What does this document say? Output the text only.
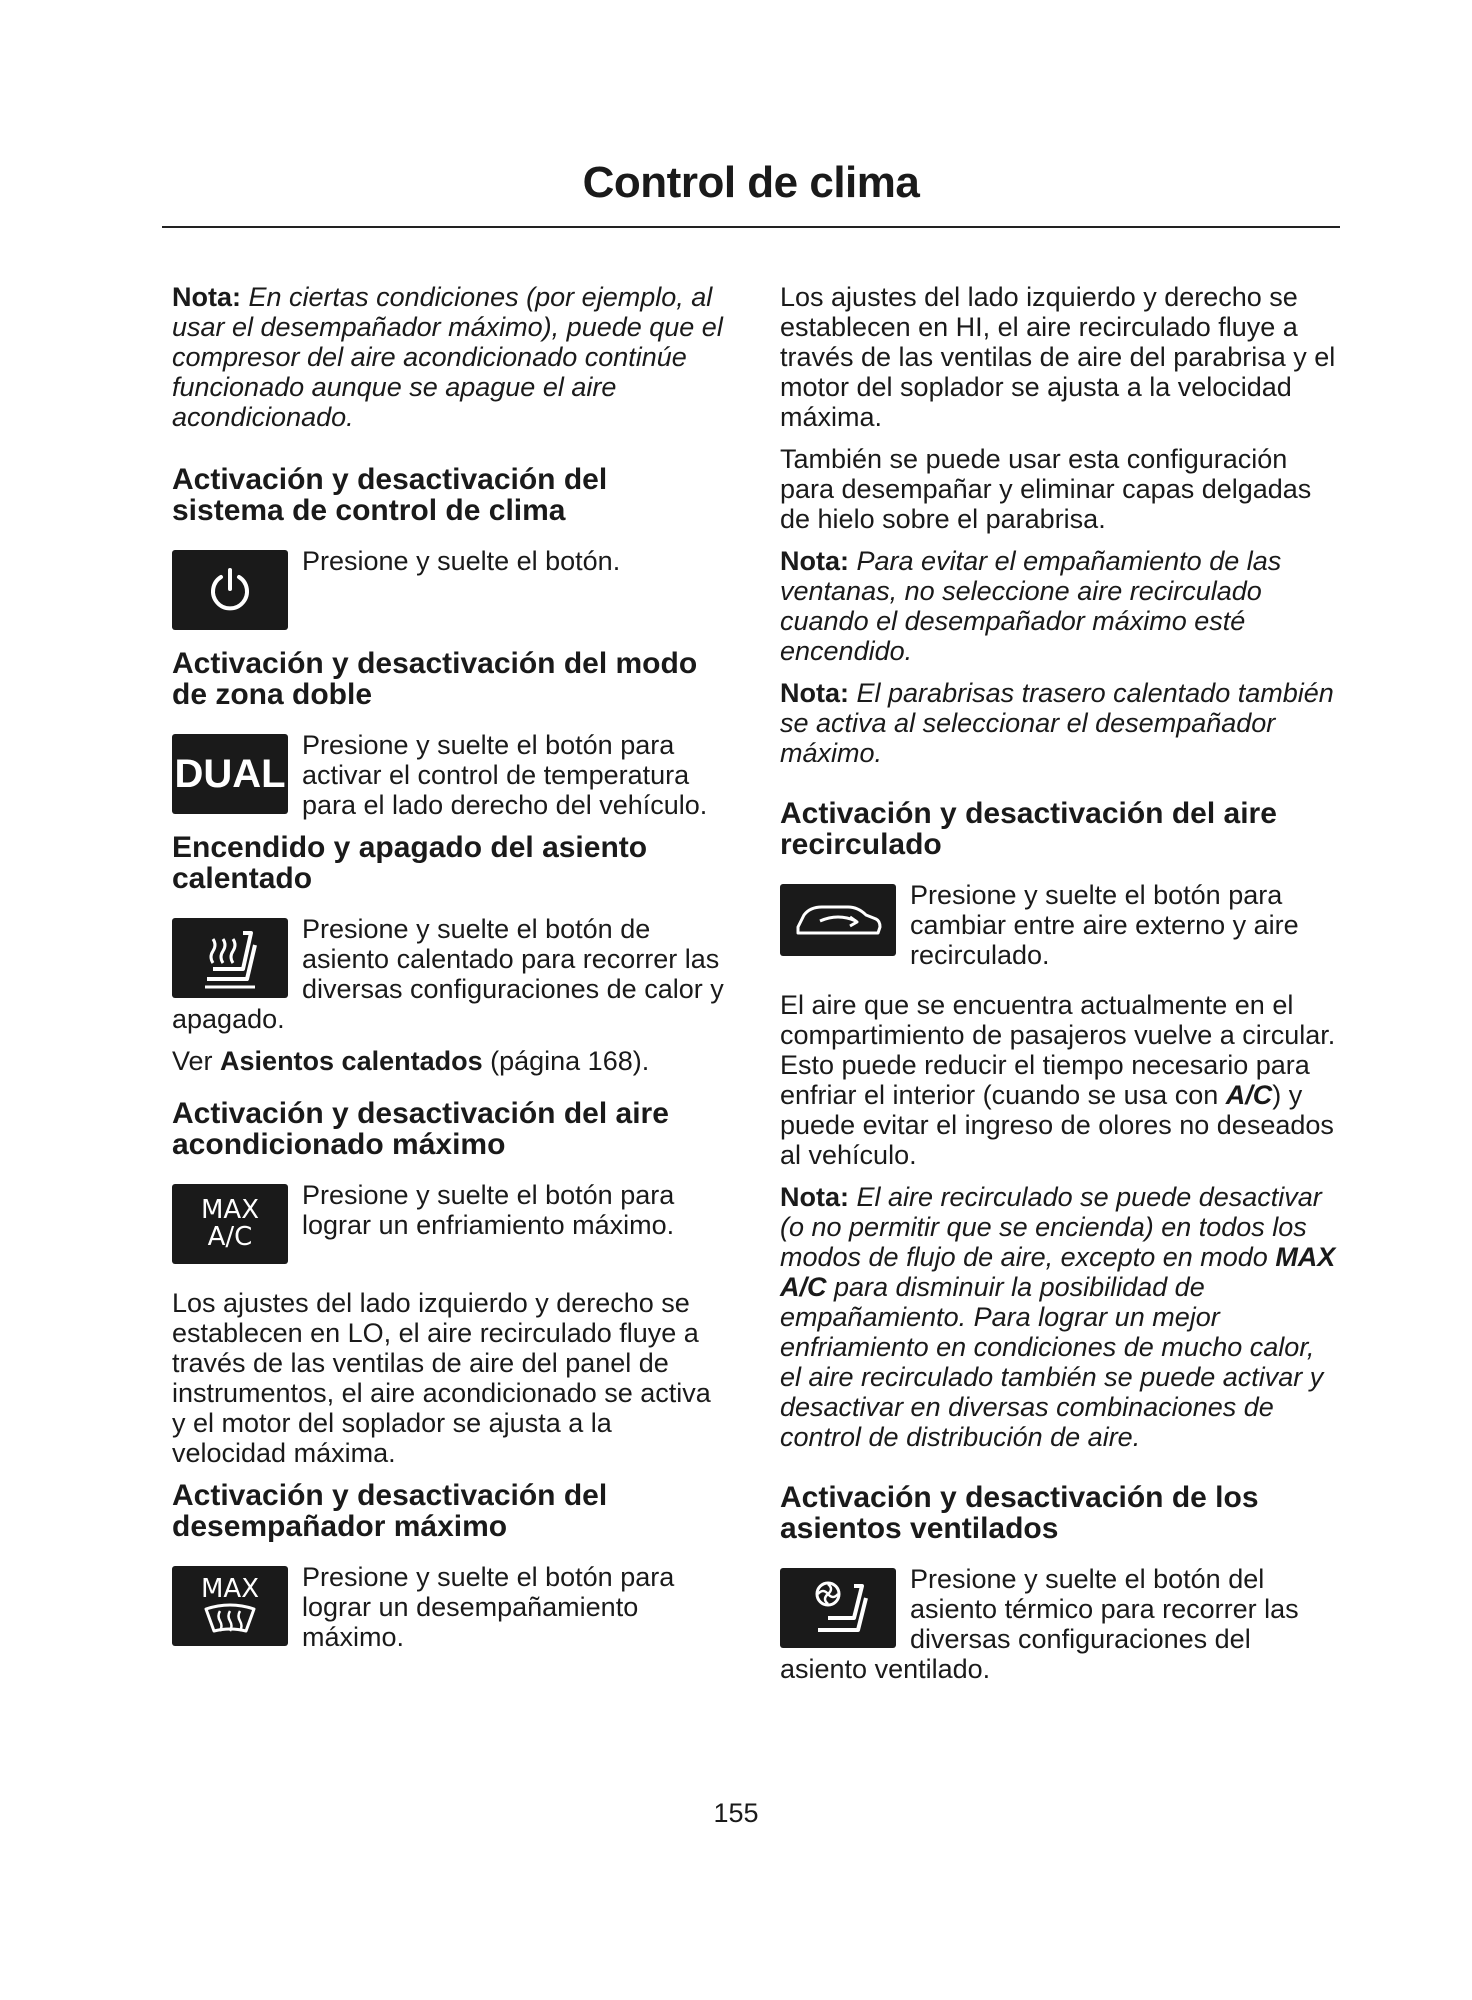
Control de clima

Nota: En ciertas condiciones (por ejemplo, al usar el desempañador máximo), puede que el compresor del aire acondicionado continúe funcionado aunque se apague el aire acondicionado.

Activación y desactivación del sistema de control de clima
Presione y suelte el botón.
Activación y desactivación del modo de zona doble
DUAL
Presione y suelte el botón para activar el control de temperatura para el lado derecho del vehículo.
Encendido y apagado del asiento calentado
Presione y suelte el botón de asiento calentado para recorrer las diversas configuraciones de calor y apagado.

Ver Asientos calentados (página 168).

Activación y desactivación del aire acondicionado máximo
MAX
A/C
Presione y suelte el botón para lograr un enfriamiento máximo.

Los ajustes del lado izquierdo y derecho se establecen en LO, el aire recirculado fluye a través de las ventilas de aire del panel de instrumentos, el aire acondicionado se activa y el motor del soplador se ajusta a la velocidad máxima.

Activación y desactivación del desempañador máximo
MAX Presione y suelte el botón para lograr un desempañamiento máximo.

Los ajustes del lado izquierdo y derecho se establecen en HI, el aire recirculado fluye a través de las ventilas de aire del parabrisa y el motor del soplador se ajusta a la velocidad máxima.

También se puede usar esta configuración para desempañar y eliminar capas delgadas de hielo sobre el parabrisa.

Nota: Para evitar el empañamiento de las ventanas, no seleccione aire recirculado cuando el desempañador máximo esté encendido.

Nota: El parabrisas trasero calentado también se activa al seleccionar el desempañador máximo.

Activación y desactivación del aire recirculado
Presione y suelte el botón para cambiar entre aire externo y aire recirculado.

El aire que se encuentra actualmente en el compartimiento de pasajeros vuelve a circular. Esto puede reducir el tiempo necesario para enfriar el interior (cuando se usa con A/C) y puede evitar el ingreso de olores no deseados al vehículo.

Nota: El aire recirculado se puede desactivar (o no permitir que se encienda) en todos los modos de flujo de aire, excepto en modo MAX A/C para disminuir la posibilidad de empañamiento. Para lograr un mejor enfriamiento en condiciones de mucho calor, el aire recirculado también se puede activar y desactivar en diversas combinaciones de control de distribución de aire.

Activación y desactivación de los asientos ventilados
Presione y suelte el botón del asiento térmico para recorrer las diversas configuraciones del asiento ventilado.
155
